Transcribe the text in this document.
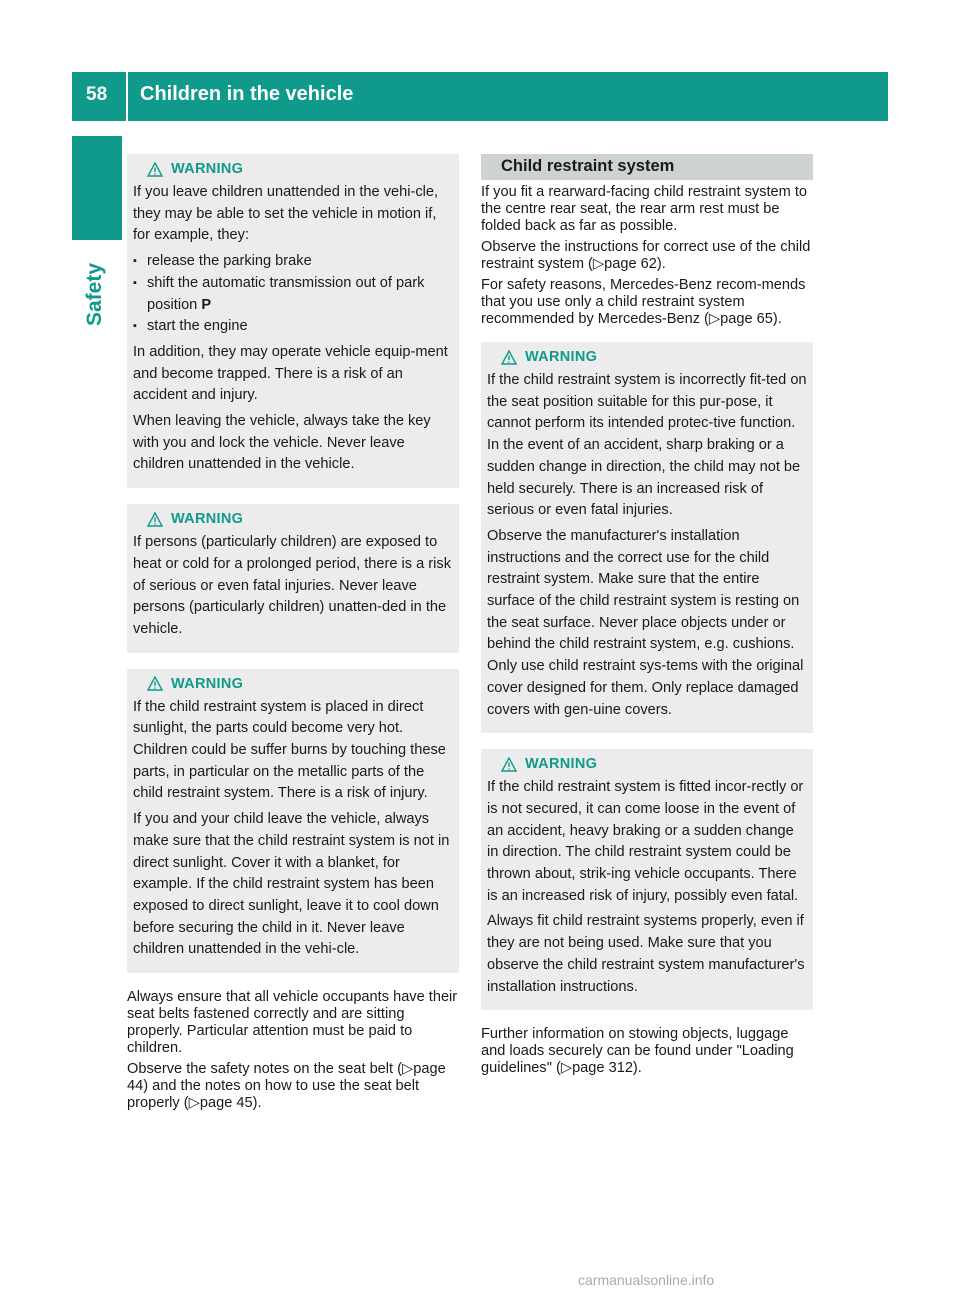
58 Children in the vehicle
Safety
WARNING

If you leave children unattended in the vehi-cle, they may be able to set the vehicle in motion if, for example, they:

▪ release the parking brake
▪ shift the automatic transmission out of park position P
▪ start the engine

In addition, they may operate vehicle equip-ment and become trapped. There is a risk of an accident and injury.

When leaving the vehicle, always take the key with you and lock the vehicle. Never leave children unattended in the vehicle.

WARNING

If persons (particularly children) are exposed to heat or cold for a prolonged period, there is a risk of serious or even fatal injuries. Never leave persons (particularly children) unatten-ded in the vehicle.

WARNING

If the child restraint system is placed in direct sunlight, the parts could become very hot. Children could be suffer burns by touching these parts, in particular on the metallic parts of the child restraint system. There is a risk of injury.

If you and your child leave the vehicle, always make sure that the child restraint system is not in direct sunlight. Cover it with a blanket, for example. If the child restraint system has been exposed to direct sunlight, leave it to cool down before securing the child in it. Never leave children unattended in the vehi-cle.

Always ensure that all vehicle occupants have their seat belts fastened correctly and are sitting properly. Particular attention must be paid to children.

Observe the safety notes on the seat belt (▷page 44) and the notes on how to use the seat belt properly (▷page 45).

Child restraint system

If you fit a rearward-facing child restraint system to the centre rear seat, the rear arm rest must be folded back as far as possible.

Observe the instructions for correct use of the child restraint system (▷page 62).

For safety reasons, Mercedes-Benz recom-mends that you use only a child restraint system recommended by Mercedes-Benz (▷page 65).

WARNING

If the child restraint system is incorrectly fit-ted on the seat position suitable for this pur-pose, it cannot perform its intended protec-tive function. In the event of an accident, sharp braking or a sudden change in direction, the child may not be held securely. There is an increased risk of serious or even fatal injuries.

Observe the manufacturer's installation instructions and the correct use for the child restraint system. Make sure that the entire surface of the child restraint system is resting on the seat surface. Never place objects under or behind the child restraint system, e.g. cushions. Only use child restraint sys-tems with the original cover designed for them. Only replace damaged covers with gen-uine covers.

WARNING

If the child restraint system is fitted incor-rectly or is not secured, it can come loose in the event of an accident, heavy braking or a sudden change in direction. The child restraint system could be thrown about, strik-ing vehicle occupants. There is an increased risk of injury, possibly even fatal.

Always fit child restraint systems properly, even if they are not being used. Make sure that you observe the child restraint system manufacturer's installation instructions.

Further information on stowing objects, luggage and loads securely can be found under "Loading guidelines" (▷page 312).

carmanualsonline.info
